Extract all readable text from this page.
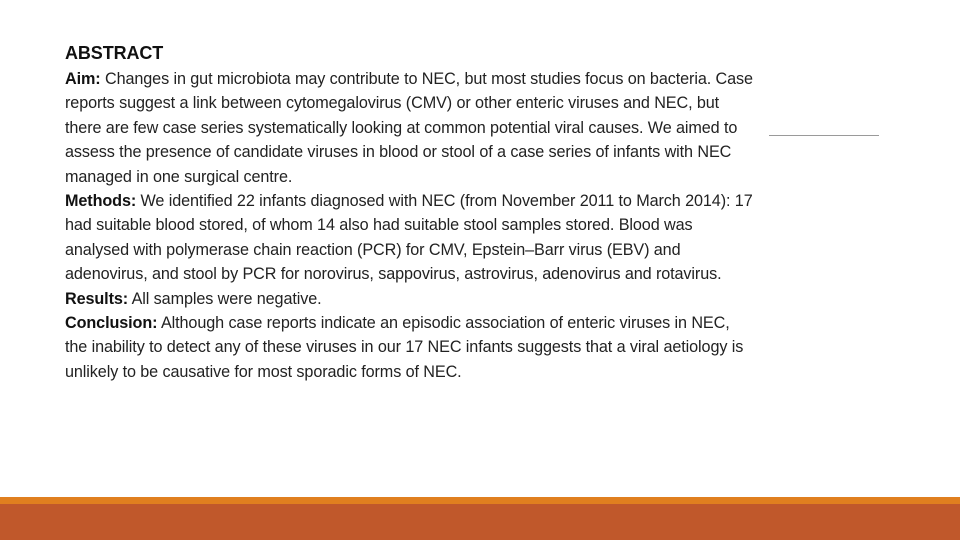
ABSTRACT

Aim: Changes in gut microbiota may contribute to NEC, but most studies focus on bacteria. Case reports suggest a link between cytomegalovirus (CMV) or other enteric viruses and NEC, but there are few case series systematically looking at common potential viral causes. We aimed to assess the presence of candidate viruses in blood or stool of a case series of infants with NEC managed in one surgical centre.

Methods: We identified 22 infants diagnosed with NEC (from November 2011 to March 2014): 17 had suitable blood stored, of whom 14 also had suitable stool samples stored. Blood was analysed with polymerase chain reaction (PCR) for CMV, Epstein–Barr virus (EBV) and adenovirus, and stool by PCR for norovirus, sappovirus, astrovirus, adenovirus and rotavirus.

Results: All samples were negative.

Conclusion: Although case reports indicate an episodic association of enteric viruses in NEC, the inability to detect any of these viruses in our 17 NEC infants suggests that a viral aetiology is unlikely to be causative for most sporadic forms of NEC.
